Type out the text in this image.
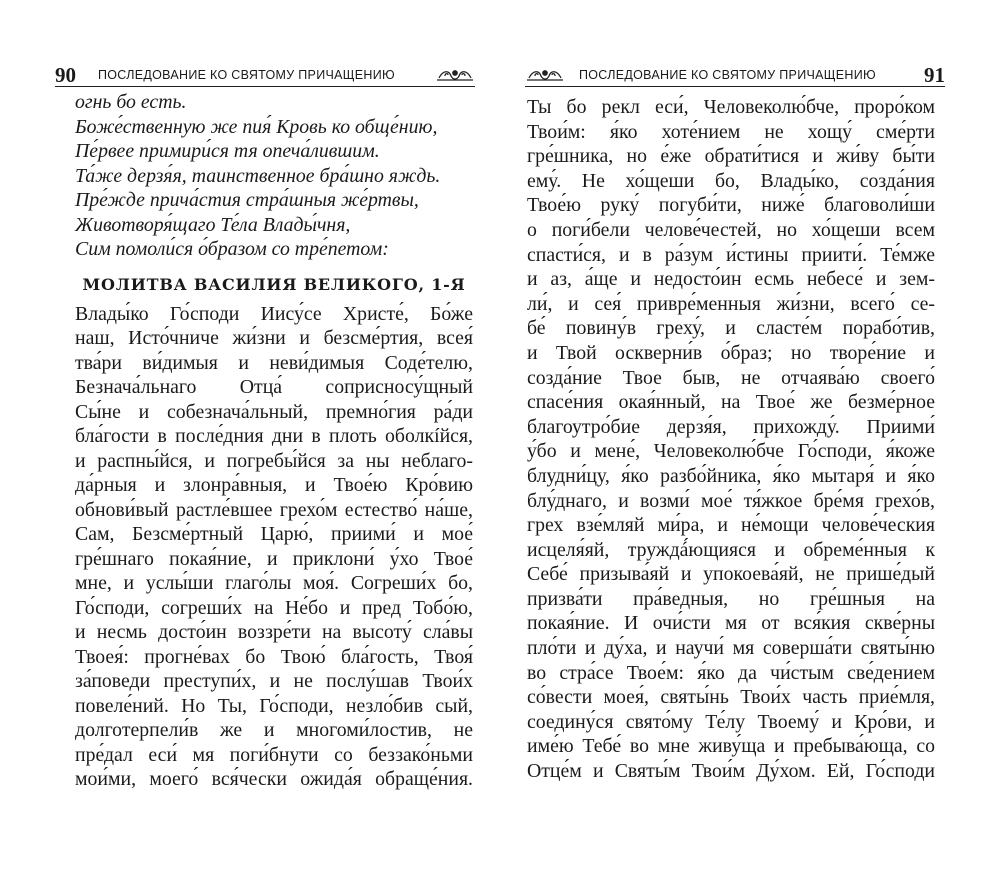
90 ПОСЛЕДОВАНИЕ КО СВЯТОМУ ПРИЧАЩЕНИЮ
огнь бо есть.
Боже́ственную же пия́ Кровь ко обще́нию,
Пе́рвее примири́ся тя опеча́лившим.
Та́же дерзя́я, таинственное бра́шно яждь.
Пре́жде прича́стия стра́шныя же́ртвы,
Животворя́щаго Те́ла Влады́чня,
Сим помоли́ся о́бразом со тре́петом:
МОЛИТВА ВАСИЛИЯ ВЕЛИКОГО, 1-Я
Влады́ко Го́споди Иису́се Христе́, Бо́же
наш, Исто́чниче жи́зни и безсме́ртия, всея́
тва́ри ви́димыя и неви́димыя Соде́телю,
Безнача́льнаго Отца́ соприсносу́щный
Сы́не и собезнача́льный, премно́гия ра́ди
бла́гости в после́дния дни в плоть оболкíйся,
и распны́йся, и погребы́йся за ны неблаго-
да́рныя и злонра́вныя, и Твое́ю Кро́вию
обнови́вый растле́вшее грехо́м естество́ на́ше,
Сам, Безсме́ртный Царю́, приими́ и мое́
гре́шнаго покая́ние, и приклони́ у́хо Твое́
мне, и услы́ши глаго́лы моя́. Согреши́х бо,
Го́споди, согреши́х на Не́бо и пред Тобо́ю,
и несмь досто́ин воззре́ти на высоту́ сла́вы
Твоея́: прогне́вах бо Твою́ бла́гость, Твоя́
за́поведи преступи́х, и не послу́шав Твои́х
повеле́ний. Но Ты, Го́споди, незло́бив сый,
долготерпели́в же и многоми́лостив, не
пре́дал еси́ мя поги́бнути со беззако́ньми
мои́ми, моего́ вся́чески ожида́я обраще́ния.
ПОСЛЕДОВАНИЕ КО СВЯТОМУ ПРИЧАЩЕНИЮ 91
Ты бо рекл еси́, Человеколю́бче, проро́ком
Твои́м: я́ко хоте́нием не хощу́ сме́рти
гре́шника, но е́же обрати́тися и жи́ву бы́ти
ему́. Не хо́щеши бо, Влады́ко, созда́ния
Твое́ю руку́ погуби́ти, ниже́ благоволи́ши
о поги́бели челове́честей, но хо́щеши всем
спасти́ся, и в ра́зум и́стины приити́. Те́мже
и аз, а́ще и недосто́ин есмь небесе́ и зем-
ли́, и сея́ привре́менныя жи́зни, всего́ се-
бе́ повину́в греху́, и сласте́м порабо́тив,
и Твой оскверни́в о́браз; но творе́ние и
созда́ние Твое быв, не отчаява́ю своего́
спасе́ния окая́нный, на Твое́ же безме́рное
благоутро́бие дерзя́я, прихожду́. Приими́
у́бо и мене́, Человеколю́бче Го́споди, я́коже
блудни́цу, я́ко разбо́йника, я́ко мытаря́ и я́ко
блу́днаго, и возми́ мое́ тя́жкое бре́мя грехо́в,
грех взе́мляй ми́ра, и не́мощи челове́ческия
исцеля́яй, труждá́ющияся и обреме́нныя к
Себе́ призыва́яй и упокоева́яй, не прише́дый
призва́ти пра́ведныя, но гре́шныя на
покая́ние. И очи́сти мя от вся́кия скве́рны
пло́ти и ду́ха, и научи́ мя соверша́ти святы́ню
во стра́се Твое́м: я́ко да чи́стым све́дением
со́вести моея́, святы́нь Твои́х часть прие́мля,
соедину́ся свято́му Те́лу Твоему́ и Кро́ви, и
име́ю Тебе́ во мне живу́ща и пребыва́юща, со
Отце́м и Святы́м Твои́м Ду́хом. Ей, Го́споди
